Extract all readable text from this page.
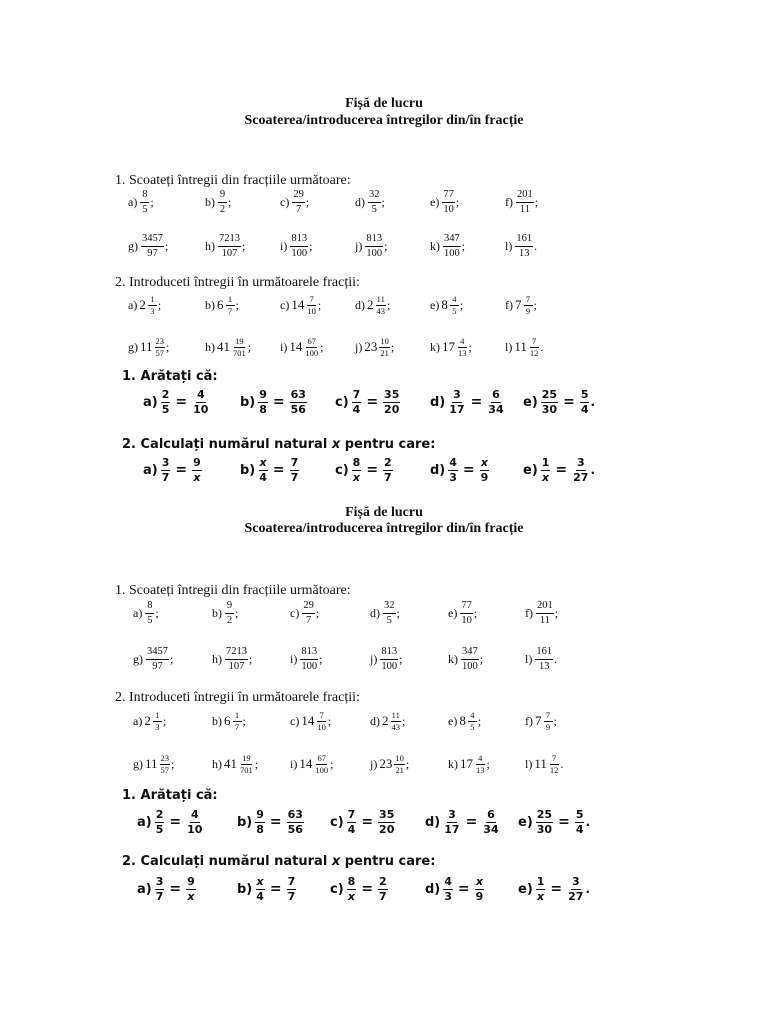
Fișă de lucru
Scoaterea/introducerea întregilor din/în fracție
1. Scoateți întregii din fracțiile următoare:
$a) \frac{8}{5}$ ;	$b) \frac{9}{2}$ ;	$c) \frac{29}{7}$ ;	$d) \frac{32}{5}$ ;	$e) \frac{77}{10}$ ;	$f) \frac{201}{11}$ ;
$g) \frac{3457}{97}$ ;	$h) \frac{7213}{107}$ ;	$i) \frac{813}{100}$ ;	$j) \frac{813}{100}$ ;	$k) \frac{347}{100}$ ;	$l) \frac{161}{13}$ .
2. Introduceti întregii în următoarele fracții:
a) $2 \frac{1}{3}$ ;	b) $6 \frac{1}{7}$ ;	c) $14 \frac{7}{10}$ ;	d) $2 \frac{11}{43}$ ;	e) $8 \frac{4}{5}$ ;	f) $7 \frac{7}{9}$ ;
g) $11 \frac{23}{57}$ ;	h) $41 \frac{19}{701}$ ; i) $14 \frac{67}{100}$ ;	j) $23 \frac{10}{21}$ ;	k) $17 \frac{4}{13}$ ;	l) $11 \frac{7}{12}$ .
1. Arătați că:
$a) \frac{2}{5} = \frac{4}{10} b) \frac{9}{8} = \frac{63}{56} c) \frac{7}{4} = \frac{35}{20} d) \frac{3}{17} = \frac{6}{34} e) \frac{25}{30} = \frac{5}{4}$ .
2. Calculați numărul natural x pentru care:
$a) \frac{3}{7} = \frac{9}{x}$	$b) \frac{x}{4} = \frac{7}{7}$	$c) \frac{8}{x} = \frac{2}{7}$	$d) \frac{4}{3} = \frac{x}{9}$	$e) \frac{1}{x} = \frac{3}{27}$ .
Fișă de lucru
Scoaterea/introducerea întregilor din/în fracție
1. Scoateți întregii din fracțiile următoare:
$a) \frac{8}{5}$ ;	$b) \frac{9}{2}$ ;	$c) \frac{29}{7}$ ;	$d) \frac{32}{5}$ ;	$e) \frac{77}{10}$ ;	$f) \frac{201}{11}$ ;
$g) \frac{3457}{97}$ ;	$h) \frac{7213}{107}$ ;	$i) \frac{813}{100}$ ;	$j) \frac{813}{100}$ ;	$k) \frac{347}{100}$ ;	$l) \frac{161}{13}$ .
2. Introduceti întregii în următoarele fracții:
a) $2 \frac{1}{3}$ ;	b) $6 \frac{1}{7}$ ;	c) $14 \frac{7}{10}$ ;	d) $2 \frac{11}{43}$ ;	e) $8 \frac{4}{5}$ ;	f) $7 \frac{7}{9}$ ;
g) $11 \frac{23}{57}$ ;	h) $41 \frac{19}{701}$ ;	i) $14 \frac{67}{100}$ ;	j) $23 \frac{10}{21}$ ;	k) $17 \frac{4}{13}$ ;	l) $11 \frac{7}{12}$ .
1. Arătați că:
$a) \frac{2}{5} = \frac{4}{10}$	$b) \frac{9}{8} = \frac{63}{56} c) \frac{7}{4} = \frac{35}{20} d) \frac{3}{17} = \frac{6}{34} e) \frac{25}{30} = \frac{5}{4}$ .
2. Calculați numărul natural x pentru care:
$a) \frac{3}{7} = \frac{9}{x}$	$b) \frac{x}{4} = \frac{7}{7}$	$c) \frac{8}{x} = \frac{2}{7}$	$d) \frac{4}{3} = \frac{x}{9}$	$e) \frac{1}{x} = \frac{3}{27}$ .
